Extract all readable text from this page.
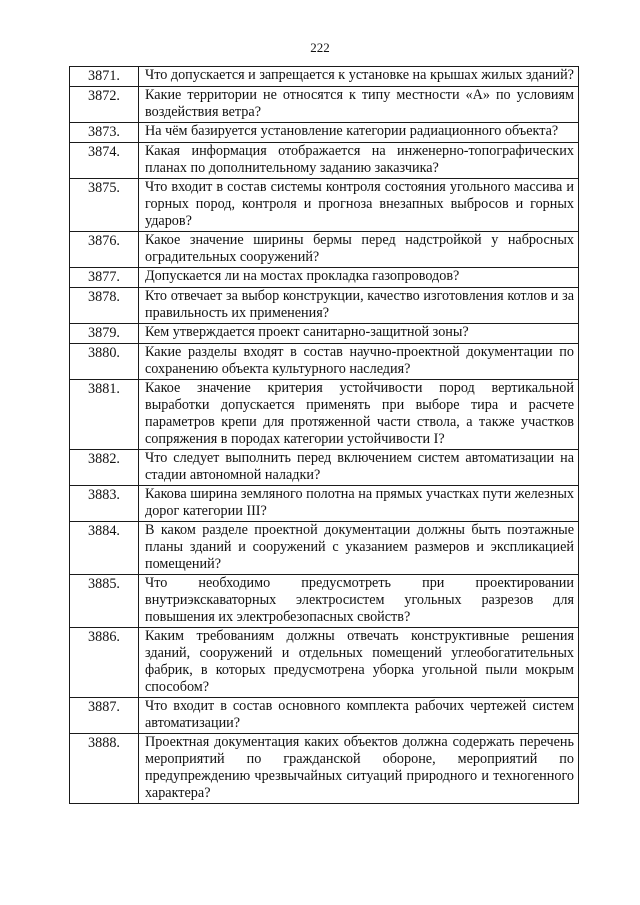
222
3871.	Что допускается и запрещается к установке на крышах жилых зданий?
3872.	Какие территории не относятся к типу местности «А» по условиям воздействия ветра?
3873.	На чём базируется установление категории радиационного объекта?
3874.	Какая информация отображается на инженерно-топографических планах по дополнительному заданию заказчика?
3875.	Что входит в состав системы контроля состояния угольного массива и горных пород, контроля и прогноза внезапных выбросов и горных ударов?
3876.	Какое значение ширины бермы перед надстройкой у набросных оградительных сооружений?
3877.	Допускается ли на мостах прокладка газопроводов?
3878.	Кто отвечает за выбор конструкции, качество изготовления котлов и за правильность их применения?
3879.	Кем утверждается проект санитарно-защитной зоны?
3880.	Какие разделы входят в состав научно-проектной документации по сохранению объекта культурного наследия?
3881.	Какое значение критерия устойчивости пород вертикальной выработки допускается применять при выборе тира и расчете параметров крепи для протяженной части ствола, а также участков сопряжения в породах категории устойчивости I?
3882.	Что следует выполнить перед включением систем автоматизации на стадии автономной наладки?
3883.	Какова ширина земляного полотна на прямых участках пути железных дорог категории III?
3884.	В каком разделе проектной документации должны быть поэтажные планы зданий и сооружений с указанием размеров и экспликацией помещений?
3885.	Что необходимо предусмотреть при проектировании внутриэкскаваторных электросистем угольных разрезов для повышения их электробезопасных свойств?
3886.	Каким требованиям должны отвечать конструктивные решения зданий, сооружений и отдельных помещений углеобогатительных фабрик, в которых предусмотрена уборка угольной пыли мокрым способом?
3887.	Что входит в состав основного комплекта рабочих чертежей систем автоматизации?
3888.	Проектная документация каких объектов должна содержать перечень мероприятий по гражданской обороне, мероприятий по предупреждению чрезвычайных ситуаций природного и техногенного характера?
